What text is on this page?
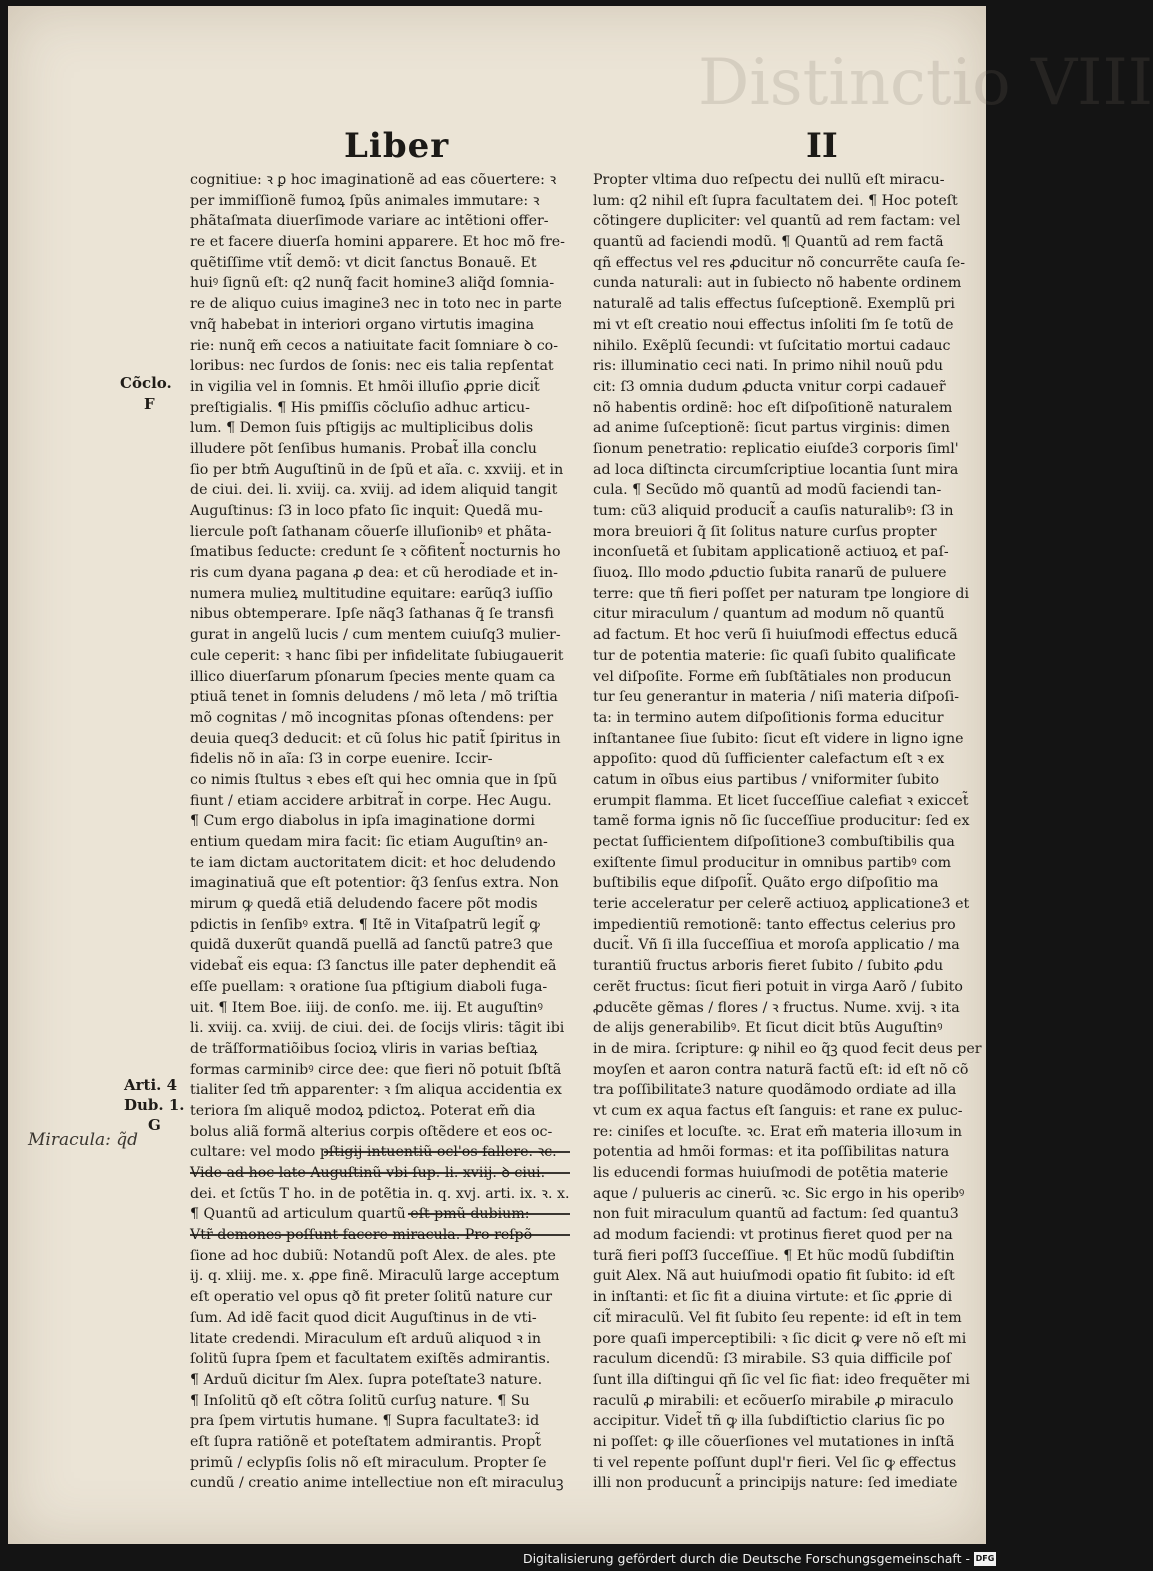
Distinctio VIII
Liber	II
Cõclo.
F
Arti. 4
Dub. 1.
G
Miracula: q̃d
cognitiue: ꝛ ꝑ hoc imaginationẽ ad eas cõuertere: ꝛ
per immiſſionẽ fumoꝝ ſpũs animales immutare: ꝛ
phãtaſmata diuerſimode variare ac intẽtioni offer-
re et facere diuerſa homini apparere. Et hoc mõ fre-
quẽtiſſime vtit̃ demõ: vt dicit ſanctus Bonauẽ. Et
huiꝰ ſignũ eſt: q2 nunq̃ facit homine3 aliq̃d ſomnia-
re de aliquo cuius imagine3 nec in toto nec in parte
vnq̃ habebat in interiori organo virtutis imagina
rie: nunq̃ em̃ cecos a natiuitate facit ſomniare ꝺ co-
loribus: nec ſurdos de ſonis: nec eis talia repſentat
in vigilia vel in ſomnis. Et hmõi illuſio ꝓprie dicit̃
preſtigialis. ¶ His pmiſſis cõcluſio adhuc articu-
lum. ¶ Demon ſuis pſtigijs ac multiplicibus dolis
illudere põt ſenſibus humanis. Probat̃ illa conclu
ſio per btm̃ Auguſtinũ in de ſpũ et aĩa. c. xxviij. et in
de ciui. dei. li. xviij. ca. xviij. ad idem aliquid tangit
Auguſtinus: ſ3 in loco pfato ſic inquit: Quedã mu-
liercule poſt ſathanam cõuerſe illuſionibꝰ et phãta-
ſmatibus ſeducte: credunt ſe ꝛ cõfitent̃ nocturnis ho
ris cum dyana pagana ꝓ dea: et cũ herodiade et in-
numera mulieꝝ multitudine equitare: earũq3 iuſſio
nibus obtemperare. Ipſe nãq3 ſathanas q̃ ſe transfi
gurat in angelũ lucis / cum mentem cuiuſq3 mulier-
cule ceperit: ꝛ hanc ſibi per infidelitate ſubiugauerit
illico diuerſarum pſonarum ſpecies mente quam ca
ptiuã tenet in ſomnis deludens / mõ leta / mõ triſtia
mõ cognitas / mõ incognitas pſonas oſtendens: per
deuia queq3 deducit: et cũ ſolus hic patit̃ ſpiritus in
fidelis nõ in aĩa: ſ3 in corpe euenire. Iccir-
co nimis ſtultus ꝛ ebes eſt qui hec omnia que in ſpũ
fiunt / etiam accidere arbitrat̃ in corpe. Hec Augu.
¶ Cum ergo diabolus in ipſa imaginatione dormi
entium quedam mira facit: ſic etiam Auguſtinꝰ an-
te iam dictam auctoritatem dicit: et hoc deludendo
imaginatiuã que eſt potentior: q̃3 ſenſus extra. Non
mirum ꝙ quedã etiã deludendo facere põt modis
pdictis in ſenſibꝰ extra. ¶ Itẽ in Vitaſpatrũ legit̃ ꝙ
quidã duxerũt quandã puellã ad ſanctũ patre3 que
videbat̃ eis equa: ſ3 ſanctus ille pater dephendit eã
eſſe puellam: ꝛ oratione ſua pſtigium diaboli fuga-
uit. ¶ Item Boe. iiij. de conſo. me. iij. Et auguſtinꝰ
li. xviij. ca. xviij. de ciui. dei. de ſocijs vliris: tãgit ibi
de trãſformatiõibus ſocioꝝ vliris in varias beſtiaꝝ
formas carminibꝰ circe dee: que fieri nõ potuit ſbſtã
tialiter ſed tm̃ apparenter: ꝛ ſm aliqua accidentia ex
teriora ſm aliquẽ modoꝝ pdictoꝝ. Poterat em̃ dia
bolus aliã formã alterius corpis oſtẽdere et eos oc-
cultare: vel modo pſtigij intuentiũ ocl'os fallere. ꝛc.
Vide ad hoc late Auguſtinũ vbi ſup. li. xviij. ꝺ ciui.
dei. et ſctũs T ho. in de potẽtia in. q. xvj. arti. ix. ꝛ. x.
¶ Quantũ ad articulum quartũ eſt pmũ dubium:
Vtr̃ demones poſſunt facere miracula. Pro reſpõ
ſione ad hoc dubiũ: Notandũ poſt Alex. de ales. pte
ij. q. xliij. me. x. ꝓpe finẽ. Miraculũ large acceptum
eſt operatio vel opus qð fit preter ſolitũ nature cur
ſum. Ad idẽ facit quod dicit Auguſtinus in de vti-
litate credendi. Miraculum eſt arduũ aliquod ꝛ in
ſolitũ ſupra ſpem et facultatem exiſtẽs admirantis.
¶ Arduũ dicitur ſm Alex. ſupra poteſtate3 nature.
¶ Inſolitũ qð eſt cõtra ſolitũ curſuꝫ nature. ¶ Su
pra ſpem virtutis humane. ¶ Supra facultate3: id
eſt ſupra ratiõnẽ et poteſtatem admirantis. Propt̃
primũ / eclypſis ſolis nõ eſt miraculum. Propter ſe
cundũ / creatio anime intellectiue non eſt miraculuꝫ
Propter vltima duo reſpectu dei nullũ eſt miracu-
lum: q2 nihil eſt ſupra facultatem dei. ¶ Hoc poteſt
cõtingere dupliciter: vel quantũ ad rem factam: vel
quantũ ad faciendi modũ. ¶ Quantũ ad rem factã
qñ effectus vel res ꝓducitur nõ concurrẽte cauſa ſe-
cunda naturali: aut in ſubiecto nõ habente ordinem
naturalẽ ad talis effectus ſuſceptionẽ. Exemplũ pri
mi vt eſt creatio noui effectus inſoliti ſm ſe totũ de
nihilo. Exẽplũ ſecundi: vt ſuſcitatio mortui cadauc
ris: illuminatio ceci nati. In primo nihil nouũ pdu
cit: ſ3 omnia dudum ꝓducta vnitur corpi cadauer̃
nõ habentis ordinẽ: hoc eſt diſpoſitionẽ naturalem
ad anime ſuſceptionẽ: ſicut partus virginis: dimen
ſionum penetratio: replicatio eiuſde3 corporis ſiml'
ad loca diſtincta circumſcriptiue locantia ſunt mira
cula. ¶ Secũdo mõ quantũ ad modũ faciendi tan-
tum: cũ3 aliquid producit̃ a cauſis naturalibꝰ: ſ3 in
mora breuiori q̃ ſit ſolitus nature curſus propter
inconſuetã et ſubitam applicationẽ actiuoꝝ et paſ-
ſiuoꝝ. Illo modo ꝓductio ſubita ranarũ de puluere
terre: que tñ fieri poſſet per naturam tpe longiore di
citur miraculum / quantum ad modum nõ quantũ
ad factum. Et hoc verũ ſi huiuſmodi effectus educã
tur de potentia materie: ſic quaſi ſubito qualificate
vel diſpoſite. Forme em̃ ſubſtãtiales non producun
tur ſeu generantur in materia / niſi materia diſpoſi-
ta: in termino autem diſpoſitionis forma educitur
inſtantanee ſiue ſubito: ſicut eſt videre in ligno igne
appoſito: quod dũ ſufficienter calefactum eſt ꝛ ex
catum in oĩbus eius partibus / vniformiter ſubito
erumpit flamma. Et licet ſucceſſiue calefiat ꝛ exiccet̃
tamẽ forma ignis nõ ſic ſucceſſiue producitur: ſed ex
pectat ſufficientem diſpoſitione3 combuſtibilis qua
exiſtente ſimul producitur in omnibus partibꝰ com
buſtibilis eque diſpoſit̃. Quãto ergo diſpoſitio ma
terie acceleratur per celerẽ actiuoꝝ applicatione3 et
impedientiũ remotionẽ: tanto effectus celerius pro
ducit̃. Vñ ſi illa ſucceſſiua et moroſa applicatio / ma
turantiũ fructus arboris fieret ſubito / ſubito ꝓdu
cerẽt fructus: ſicut fieri potuit in virga Aarõ / ſubito
ꝓducẽte gẽmas / flores / ꝛ fructus. Nume. xvij. ꝛ ita
de alijs generabilibꝰ. Et ſicut dicit btũs Auguſtinꝰ
in de mira. ſcripture: ꝙ nihil eo q̃ꝫ quod fecit deus per
moyſen et aaron contra naturã factũ eſt: id eſt nõ cõ
tra poſſibilitate3 nature quodãmodo ordiate ad illa
vt cum ex aqua factus eſt ſanguis: et rane ex puluc-
re: ciniſes et locuſte. ꝛc. Erat em̃ materia illoꝛum in
potentia ad hmõi formas: et ita poſſibilitas natura
lis educendi formas huiuſmodi de potẽtia materie
aque / pulueris ac cinerũ. ꝛc. Sic ergo in his operibꝰ
non fuit miraculum quantũ ad factum: ſed quantu3
ad modum faciendi: vt protinus fieret quod per na
turã fieri poſſ3 ſucceſſiue. ¶ Et hũc modũ ſubdiſtin
guit Alex. Nã aut huiuſmodi opatio fit ſubito: id eſt
in inſtanti: et ſic fit a diuina virtute: et ſic ꝓprie di
cit̃ miraculũ. Vel fit ſubito ſeu repente: id eſt in tem
pore quaſi imperceptibili: ꝛ ſic dicit ꝙ vere nõ eſt mi
raculum dicendũ: ſ3 mirabile. S3 quia difficile poſ
ſunt illa diſtingui qñ ſic vel ſic fiat: ideo frequẽter mi
raculũ ꝓ mirabili: et ecõuerſo mirabile ꝓ miraculo
accipitur. Videt̃ tñ ꝙ illa ſubdiſtictio clarius ſic po
ni poſſet: ꝙ ille cõuerſiones vel mutationes in inſtã
ti vel repente poſſunt dupl'r fieri. Vel ſic ꝙ effectus
illi non producunt̃ a principijs nature: ſed imediate
Digitalisierung gefördert durch die Deutsche Forschungsgemeinschaft - DFG
